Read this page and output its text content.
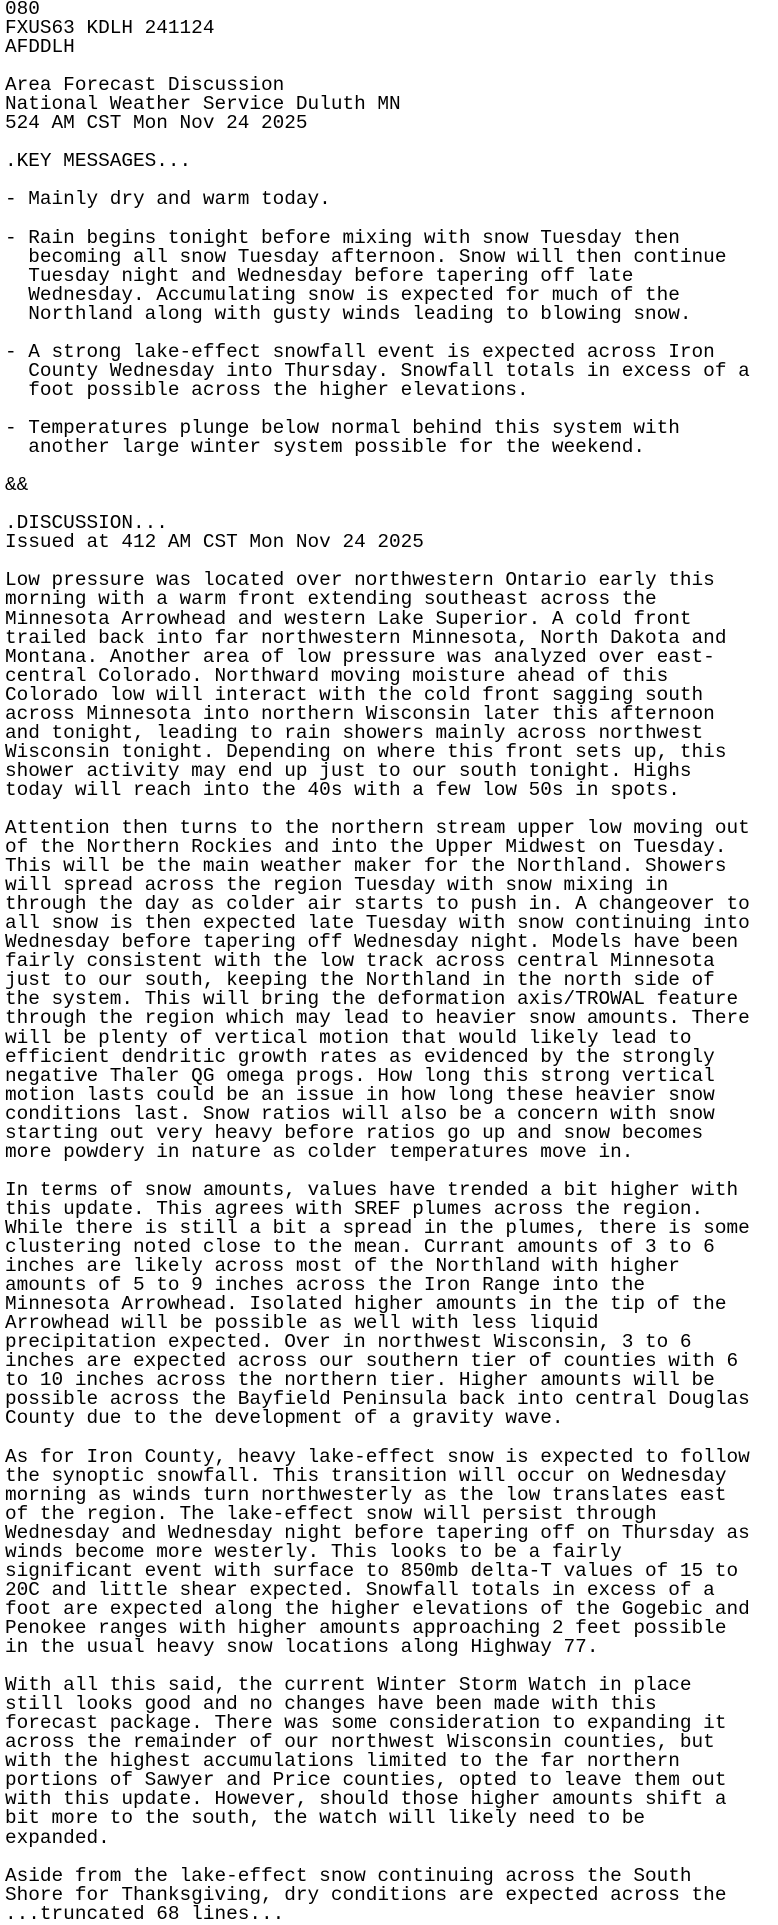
080
FXUS63 KDLH 241124
AFDDLH
Area Forecast Discussion
National Weather Service Duluth MN
524 AM CST Mon Nov 24 2025
.KEY MESSAGES...
- Mainly dry and warm today.
- Rain begins tonight before mixing with snow Tuesday then
becoming all snow Tuesday afternoon. Snow will then continue
Tuesday night and Wednesday before tapering off late
Wednesday. Accumulating snow is expected for much of the
Northland along with gusty winds leading to blowing snow.
- A strong lake-effect snowfall event is expected across Iron
County Wednesday into Thursday. Snowfall totals in excess of a
foot possible across the higher elevations.
- Temperatures plunge below normal behind this system with
another large winter system possible for the weekend.
&&
.DISCUSSION...
Issued at 412 AM CST Mon Nov 24 2025
Low pressure was located over northwestern Ontario early this
morning with a warm front extending southeast across the
Minnesota Arrowhead and western Lake Superior. A cold front
trailed back into far northwestern Minnesota, North Dakota and
Montana. Another area of low pressure was analyzed over east-
central Colorado. Northward moving moisture ahead of this
Colorado low will interact with the cold front sagging south
across Minnesota into northern Wisconsin later this afternoon
and tonight, leading to rain showers mainly across northwest
Wisconsin tonight. Depending on where this front sets up, this
shower activity may end up just to our south tonight. Highs
today will reach into the 40s with a few low 50s in spots.
Attention then turns to the northern stream upper low moving out
of the Northern Rockies and into the Upper Midwest on Tuesday.
This will be the main weather maker for the Northland. Showers
will spread across the region Tuesday with snow mixing in
through the day as colder air starts to push in. A changeover to
all snow is then expected late Tuesday with snow continuing into
Wednesday before tapering off Wednesday night. Models have been
fairly consistent with the low track across central Minnesota
just to our south, keeping the Northland in the north side of
the system. This will bring the deformation axis/TROWAL feature
through the region which may lead to heavier snow amounts. There
will be plenty of vertical motion that would likely lead to
efficient dendritic growth rates as evidenced by the strongly
negative Thaler QG omega progs. How long this strong vertical
motion lasts could be an issue in how long these heavier snow
conditions last. Snow ratios will also be a concern with snow
starting out very heavy before ratios go up and snow becomes
more powdery in nature as colder temperatures move in.
In terms of snow amounts, values have trended a bit higher with
this update. This agrees with SREF plumes across the region.
While there is still a bit a spread in the plumes, there is some
clustering noted close to the mean. Currant amounts of 3 to 6
inches are likely across most of the Northland with higher
amounts of 5 to 9 inches across the Iron Range into the
Minnesota Arrowhead. Isolated higher amounts in the tip of the
Arrowhead will be possible as well with less liquid
precipitation expected. Over in northwest Wisconsin, 3 to 6
inches are expected across our southern tier of counties with 6
to 10 inches across the northern tier. Higher amounts will be
possible across the Bayfield Peninsula back into central Douglas
County due to the development of a gravity wave.
As for Iron County, heavy lake-effect snow is expected to follow
the synoptic snowfall. This transition will occur on Wednesday
morning as winds turn northwesterly as the low translates east
of the region. The lake-effect snow will persist through
Wednesday and Wednesday night before tapering off on Thursday as
winds become more westerly. This looks to be a fairly
significant event with surface to 850mb delta-T values of 15 to
20C and little shear expected. Snowfall totals in excess of a
foot are expected along the higher elevations of the Gogebic and
Penokee ranges with higher amounts approaching 2 feet possible
in the usual heavy snow locations along Highway 77.
With all this said, the current Winter Storm Watch in place
still looks good and no changes have been made with this
forecast package. There was some consideration to expanding it
across the remainder of our northwest Wisconsin counties, but
with the highest accumulations limited to the far northern
portions of Sawyer and Price counties, opted to leave them out
with this update. However, should those higher amounts shift a
bit more to the south, the watch will likely need to be
expanded.
Aside from the lake-effect snow continuing across the South
Shore for Thanksgiving, dry conditions are expected across the
...truncated 68 lines...
